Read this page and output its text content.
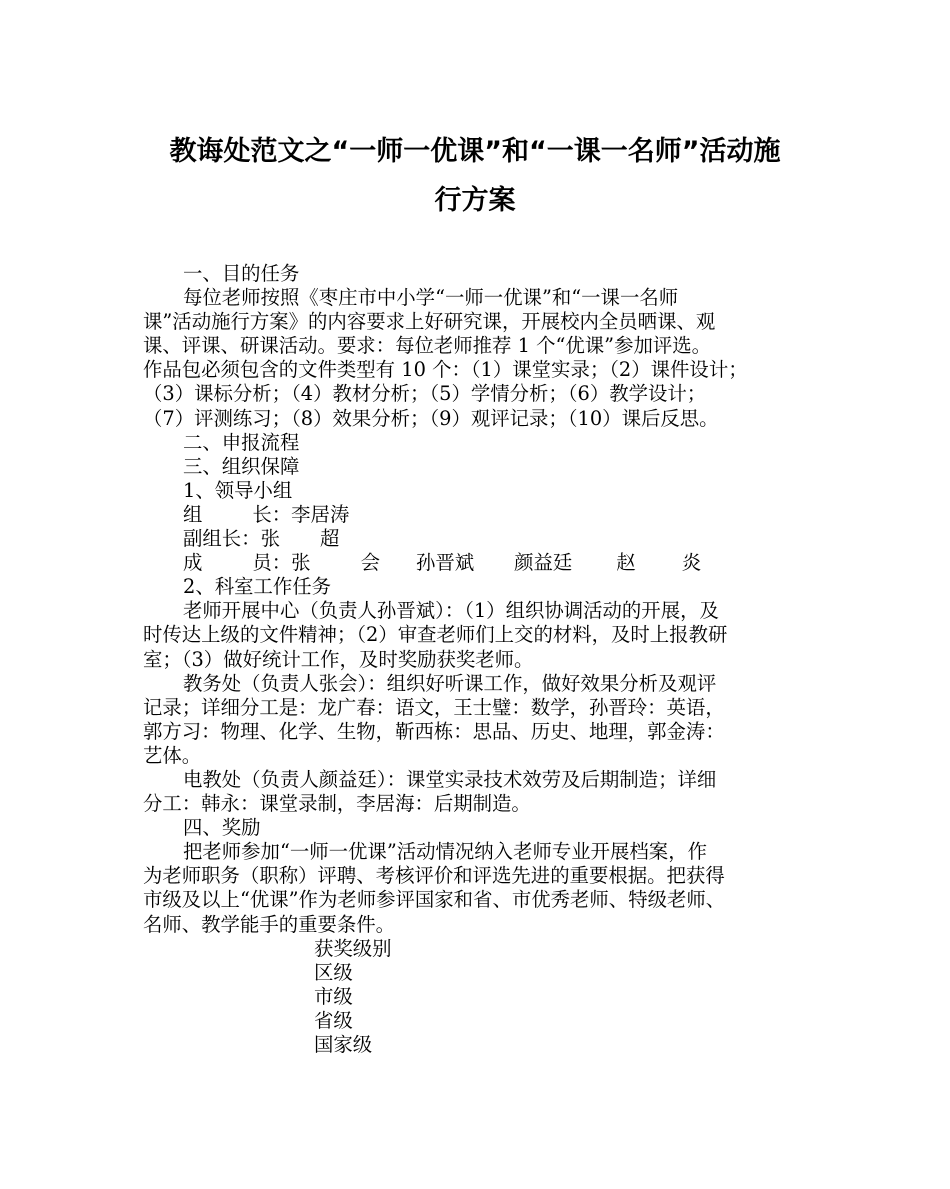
教诲处范文之“一师一优课”和“一课一名师”活动施
行方案
一、目的任务
每位老师按照《枣庄市中小学“一师一优课”和“一课一名师
课”活动施行方案》的内容要求上好研究课，开展校内全员晒课、观
课、评课、研课活动。要求：每位老师推荐 1 个“优课”参加评选。
作品包必须包含的文件类型有 10 个：（1）课堂实录；（2）课件设计；
（3）课标分析；（4）教材分析；（5）学情分析；（6）教学设计；
（7）评测练习；（8）效果分析；（9）观评记录；（10）课后反思。
二、申报流程
三、组织保障
1、领导小组
组	长：李居涛
副组长：张 超
成	员：张	会 孙晋斌 颜益廷 赵 炎
2、科室工作任务
老师开展中心（负责人孙晋斌）：（1）组织协调活动的开展，及
时传达上级的文件精神；（2）审查老师们上交的材料，及时上报教研
室；（3）做好统计工作，及时奖励获奖老师。
教务处（负责人张会）：组织好听课工作，做好效果分析及观评
记录；详细分工是：龙广春：语文，王士璧：数学，孙晋玲：英语，
郭方习：物理、化学、生物，靳西栋：思品、历史、地理，郭金涛：
艺体。
电教处（负责人颜益廷）：课堂实录技术效劳及后期制造；详细
分工：韩永：课堂录制，李居海：后期制造。
四、奖励
把老师参加“一师一优课”活动情况纳入老师专业开展档案，作
为老师职务（职称）评聘、考核评价和评选先进的重要根据。把获得
市级及以上“优课”作为老师参评国家和省、市优秀老师、特级老师、
名师、教学能手的重要条件。
获奖级别
区级
市级
省级
国家级
